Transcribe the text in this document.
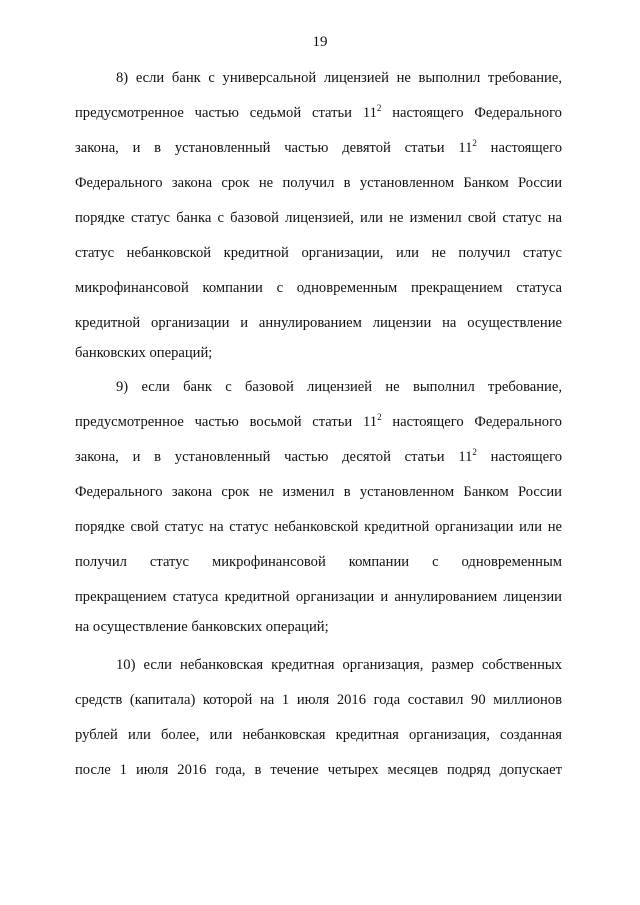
19
8) если банк с универсальной лицензией не выполнил требование,
предусмотренное частью седьмой статьи $11^2$ настоящего Федерального
закона, и в установленный частью девятой статьи $11^2$ настоящего
Федерального закона срок не получил в установленном Банком России
порядке статус банка с базовой лицензией, или не изменил свой статус на
статус небанковской кредитной организации, или не получил статус
микрофинансовой компании с одновременным прекращением статуса
кредитной организации и аннулированием лицензии на осуществление
банковских операций;
9) если банк с базовой лицензией не выполнил требование,
предусмотренное частью восьмой статьи $11^2$ настоящего Федерального
закона, и в установленный частью десятой статьи $11^2$ настоящего
Федерального закона срок не изменил в установленном Банком России
порядке свой статус на статус небанковской кредитной организации или не
получил статус микрофинансовой компании с одновременным
прекращением статуса кредитной организации и аннулированием лицензии
на осуществление банковских операций;
10) если небанковская кредитная организация, размер собственных
средств (капитала) которой на 1 июля 2016 года составил 90 миллионов
рублей или более, или небанковская кредитная организация, созданная
после 1 июля 2016 года, в течение четырех месяцев подряд допускает
